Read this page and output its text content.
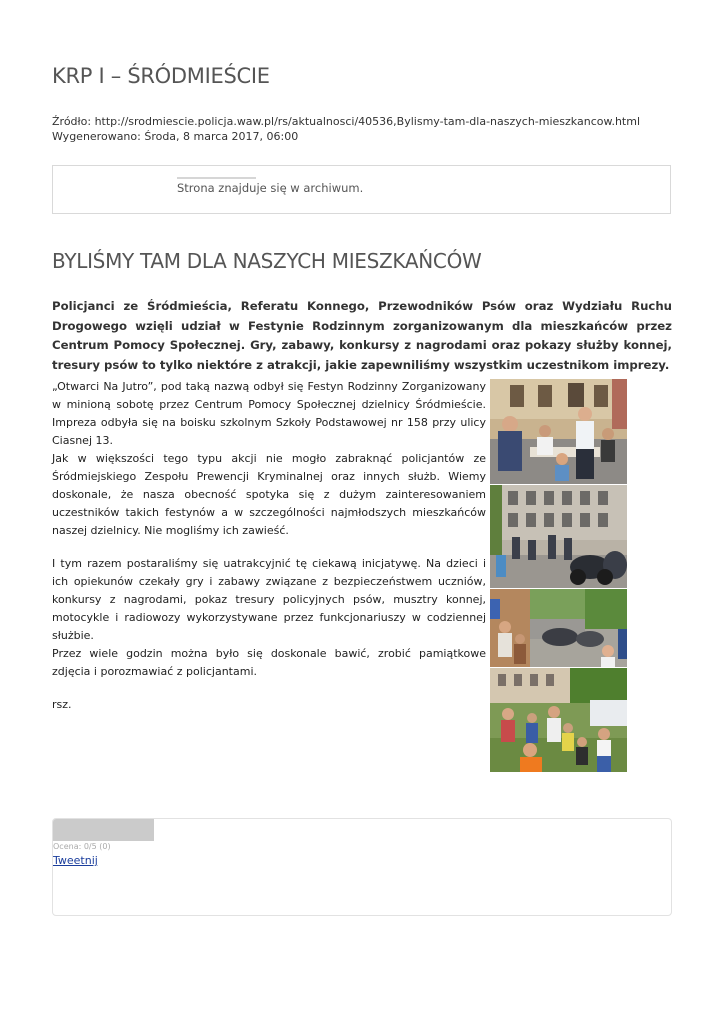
KRP I – ŚRÓDMIEŚCIE
Źródło: http://srodmiescie.policja.waw.pl/rs/aktualnosci/40536,Bylismy-tam-dla-naszych-mieszkancow.html
Wygenerowano: Środa, 8 marca 2017, 06:00
Strona znajduje się w archiwum.
BYLIŚMY TAM DLA NASZYCH MIESZKAŃCÓW

Policjanci ze Śródmieścia, Referatu Konnego, Przewodników Psów oraz Wydziału Ruchu Drogowego wzięli udział w Festynie Rodzinnym zorganizowanym dla mieszkańców przez Centrum Pomocy Społecznej. Gry, zabawy, konkursy z nagrodami oraz pokazy służby konnej, tresury psów to tylko niektóre z atrakcji, jakie zapewniliśmy wszystkim uczestnikom imprezy.

„Otwarci Na Jutro”, pod taką nazwą odbył się Festyn Rodzinny Zorganizowany w minioną sobotę przez Centrum Pomocy Społecznej dzielnicy Śródmieście. Impreza odbyła się na boisku szkolnym Szkoły Podstawowej nr 158 przy ulicy Ciasnej 13.

Jak w większości tego typu akcji nie mogło zabraknąć policjantów ze Śródmiejskiego Zespołu Prewencji Kryminalnej oraz innych służb. Wiemy doskonale, że nasza obecność spotyka się z dużym zainteresowaniem uczestników takich festynów a w szczególności najmłodszych mieszkańców naszej dzielnicy. Nie mogliśmy ich zawieść.

I tym razem postaraliśmy się uatrakcyjnić tę ciekawą inicjatywę. Na dzieci i ich opiekunów czekały gry i zabawy związane z bezpieczeństwem uczniów, konkursy z nagrodami, pokaz tresury policyjnych psów, musztry konnej, motocykle i radiowozy wykorzystywane przez funkcjonariuszy w codziennej służbie.

Przez wiele godzin można było się doskonale bawić, zrobić pamiątkowe zdjęcia i porozmawiać z policjantami.

rsz.

Ocena: 0/5 (0)
Tweetnij
